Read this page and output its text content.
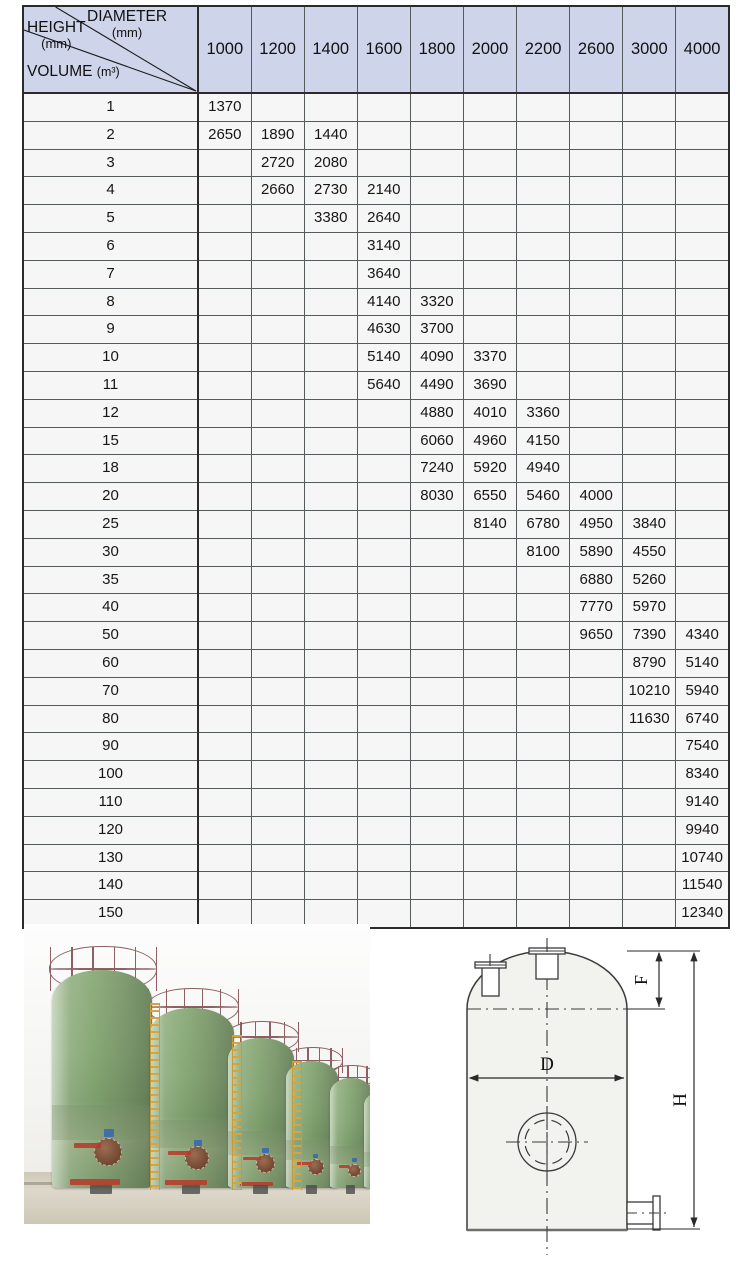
DIAMETER
(mm)
HEIGHT
(mm)
VOLUME (m³)	1000	1200	1400	1600	1800	2000	2200	2600	3000	4000
1	1370									
2	2650	1890	1440							
3		2720	2080							
4		2660	2730	2140						
5			3380	2640						
6				3140						
7				3640						
8				4140	3320					
9				4630	3700					
10				5140	4090	3370				
11				5640	4490	3690				
12					4880	4010	3360			
15					6060	4960	4150			
18					7240	5920	4940			
20					8030	6550	5460	4000		
25						8140	6780	4950	3840	
30							8100	5890	4550	
35								6880	5260	
40								7770	5970	
50								9650	7390	4340
60									8790	5140
70									10210	5940
80									11630	6740
90										7540
100										8340
110										9140
120										9940
130										10740
140										11540
150										12340
D
H
F
